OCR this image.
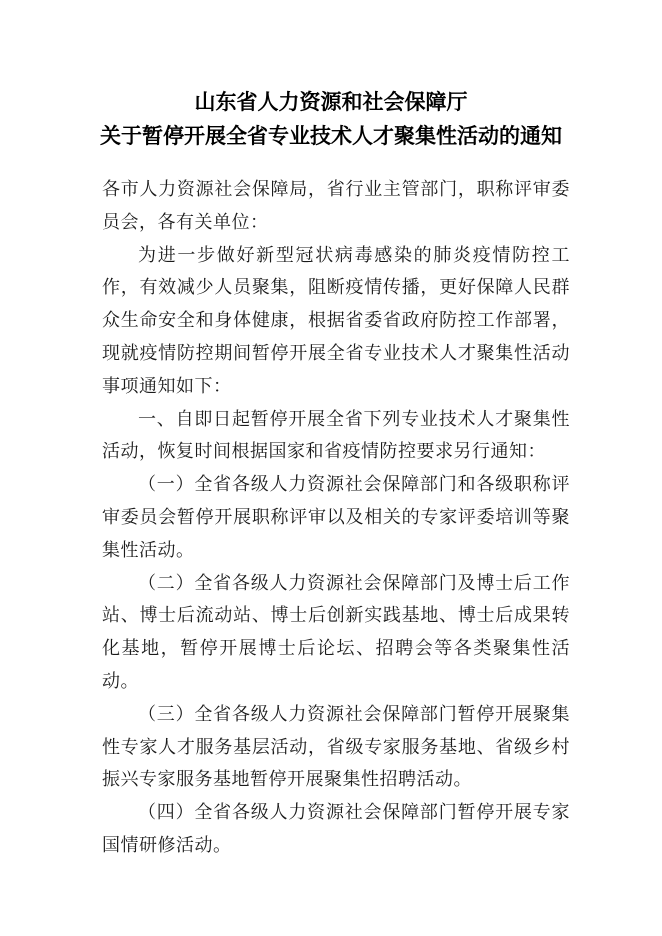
山东省人力资源和社会保障厅
关于暂停开展全省专业技术人才聚集性活动的通知

各市人力资源社会保障局，省行业主管部门，职称评审委员会，各有关单位：

为进一步做好新型冠状病毒感染的肺炎疫情防控工作，有效减少人员聚集，阻断疫情传播，更好保障人民群众生命安全和身体健康，根据省委省政府防控工作部署，现就疫情防控期间暂停开展全省专业技术人才聚集性活动事项通知如下：

一、自即日起暂停开展全省下列专业技术人才聚集性活动，恢复时间根据国家和省疫情防控要求另行通知：

（一）全省各级人力资源社会保障部门和各级职称评审委员会暂停开展职称评审以及相关的专家评委培训等聚集性活动。

（二）全省各级人力资源社会保障部门及博士后工作站、博士后流动站、博士后创新实践基地、博士后成果转化基地，暂停开展博士后论坛、招聘会等各类聚集性活动。

（三）全省各级人力资源社会保障部门暂停开展聚集性专家人才服务基层活动，省级专家服务基地、省级乡村振兴专家服务基地暂停开展聚集性招聘活动。

（四）全省各级人力资源社会保障部门暂停开展专家国情研修活动。
